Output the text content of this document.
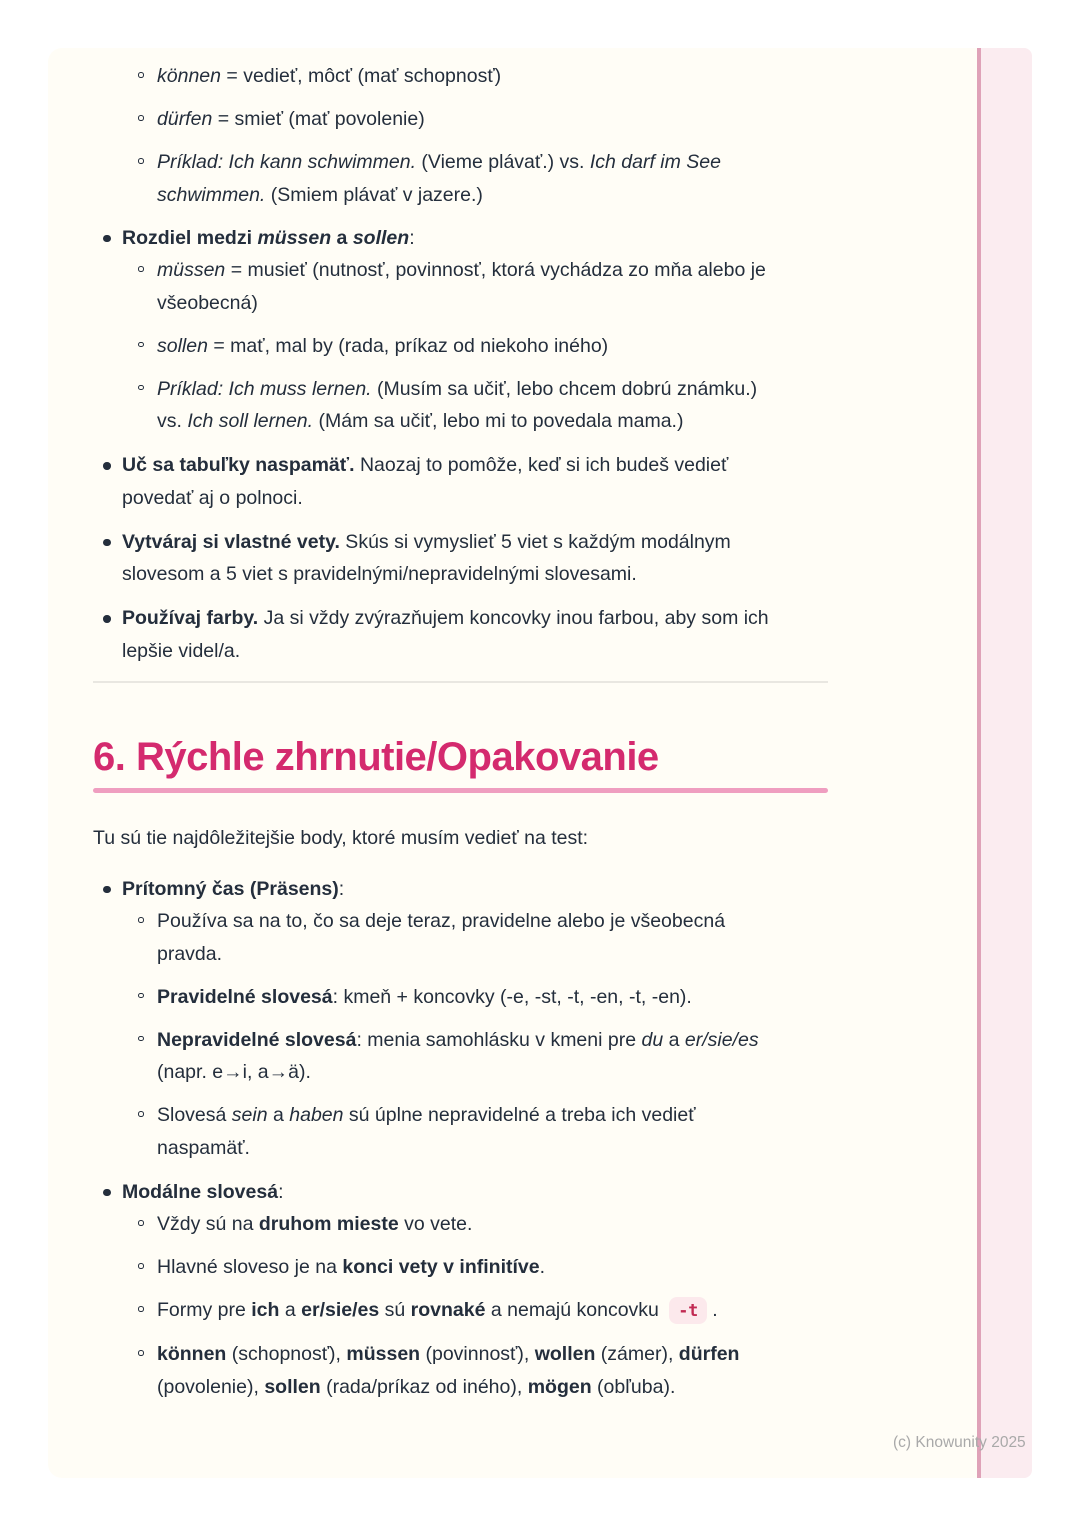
können = vedieť, môcť (mať schopnosť)
dürfen = smieť (mať povolenie)
Príklad: Ich kann schwimmen. (Vieme plávať.) vs. Ich darf im See
schwimmen. (Smiem plávať v jazere.)
Rozdiel medzi müssen a sollen:
müssen = musieť (nutnosť, povinnosť, ktorá vychádza zo mňa alebo je
všeobecná)
sollen = mať, mal by (rada, príkaz od niekoho iného)
Príklad: Ich muss lernen. (Musím sa učiť, lebo chcem dobrú známku.)
vs. Ich soll lernen. (Mám sa učiť, lebo mi to povedala mama.)
Uč sa tabuľky naspamäť. Naozaj to pomôže, keď si ich budeš vedieť
povedať aj o polnoci.
Vytváraj si vlastné vety. Skús si vymyslieť 5 viet s každým modálnym
slovesom a 5 viet s pravidelnými/nepravidelnými slovesami.
Používaj farby. Ja si vždy zvýrazňujem koncovky inou farbou, aby som ich
lepšie videl/a.
6. Rýchle zhrnutie/Opakovanie

Tu sú tie najdôležitejšie body, ktoré musím vedieť na test:

Prítomný čas (Präsens):
Používa sa na to, čo sa deje teraz, pravidelne alebo je všeobecná
pravda.
Pravidelné slovesá: kmeň + koncovky (-e, -st, -t, -en, -t, -en).
Nepravidelné slovesá: menia samohlásku v kmeni pre du a er/sie/es
(napr. e→i, a→ä).
Slovesá sein a haben sú úplne nepravidelné a treba ich vedieť
naspamäť.
Modálne slovesá:
Vždy sú na druhom mieste vo vete.
Hlavné sloveso je na konci vety v infinitíve.
Formy pre ich a er/sie/es sú rovnaké a nemajú koncovku -t .
können (schopnosť), müssen (povinnosť), wollen (zámer), dürfen
(povolenie), sollen (rada/príkaz od iného), mögen (obľuba).
(c) Knowunity 2025
